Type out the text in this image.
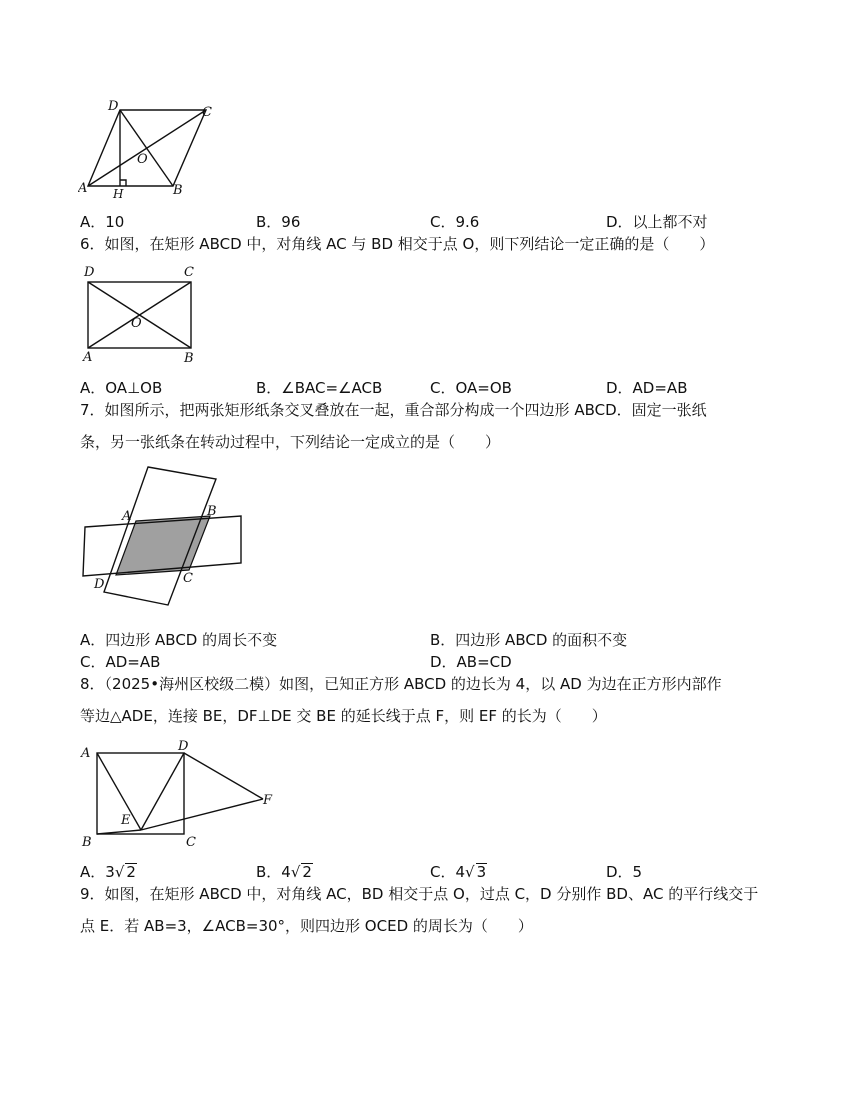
D	C
O
A H	B
A．10	B．96	C．9.6	D．以上都不对
6．如图，在矩形 ABCD 中，对角线 AC 与 BD 相交于点 O，则下列结论一定正确的是（　　）
D	C
O
A	B
A．OA⊥OB	B．∠BAC=∠ACB	C．OA=OB	D．AD=AB
7．如图所示，把两张矩形纸条交叉叠放在一起，重合部分构成一个四边形 ABCD．固定一张纸
条，另一张纸条在转动过程中，下列结论一定成立的是（　　）
A	B
C
D
A．四边形 ABCD 的周长不变	B．四边形 ABCD 的面积不变
C．AD=AB	D．AB=CD
8．（2025•海州区校级二模）如图，已知正方形 ABCD 的边长为 4，以 AD 为边在正方形内部作
等边△ADE，连接 BE，DF⊥DE 交 BE 的延长线于点 F，则 EF 的长为（　　）
A	D
F
E
B	C
A．3√ 2	B．4√ 2	C．4√ 3	D．5
9．如图，在矩形 ABCD 中，对角线 AC，BD 相交于点 O，过点 C，D 分别作 BD、AC 的平行线交于
点 E．若 AB=3，∠ACB=30°，则四边形 OCED 的周长为（　　）
